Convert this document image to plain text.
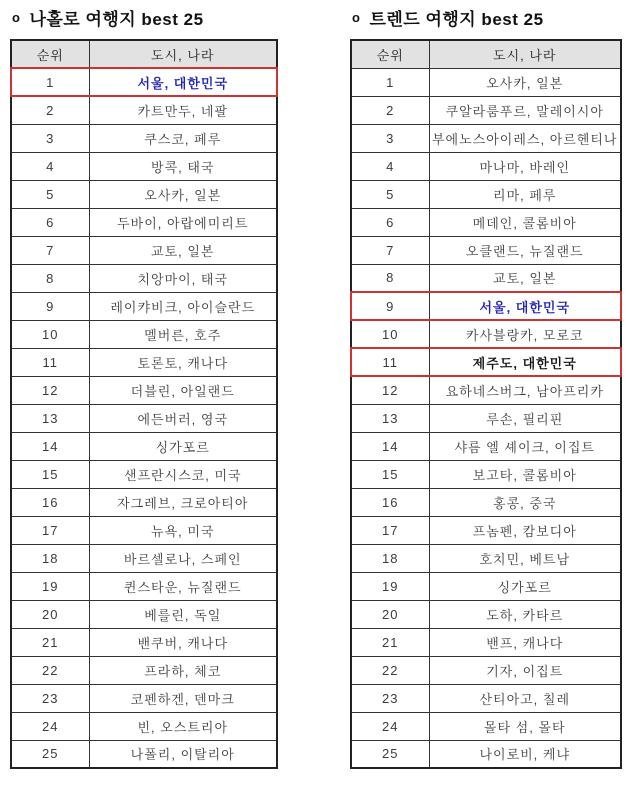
o 나홀로 여행지 best 25
순위	도시, 나라
1	서울, 대한민국
2	카트만두, 네팔
3	쿠스코, 페루
4	방콕, 태국
5	오사카, 일본
6	두바이, 아랍에미리트
7	교토, 일본
8	치앙마이, 태국
9	레이캬비크, 아이슬란드
10	멜버른, 호주
11	토론토, 캐나다
12	더블린, 아일랜드
13	에든버러, 영국
14	싱가포르
15	샌프란시스코, 미국
16	자그레브, 크로아티아
17	뉴욕, 미국
18	바르셀로나, 스페인
19	퀸스타운, 뉴질랜드
20	베를린, 독일
21	밴쿠버, 캐나다
22	프라하, 체코
23	코펜하겐, 덴마크
24	빈, 오스트리아
25	나폴리, 이탈리아
o 트렌드 여행지 best 25
순위	도시, 나라
1	오사카, 일본
2	쿠알라룸푸르, 말레이시아
3	부에노스아이레스, 아르헨티나
4	마나마, 바레인
5	리마, 페루
6	메데인, 콜롬비아
7	오클랜드, 뉴질랜드
8	교토, 일본
9	서울, 대한민국
10	카사블랑카, 모로코
11	제주도, 대한민국
12	요하네스버그, 남아프리카
13	루손, 필리핀
14	샤름 엘 셰이크, 이집트
15	보고타, 콜롬비아
16	홍콩, 중국
17	프놈펜, 캄보디아
18	호치민, 베트남
19	싱가포르
20	도하, 카타르
21	밴프, 캐나다
22	기자, 이집트
23	산티아고, 칠레
24	몰타 섬, 몰타
25	나이로비, 케냐
